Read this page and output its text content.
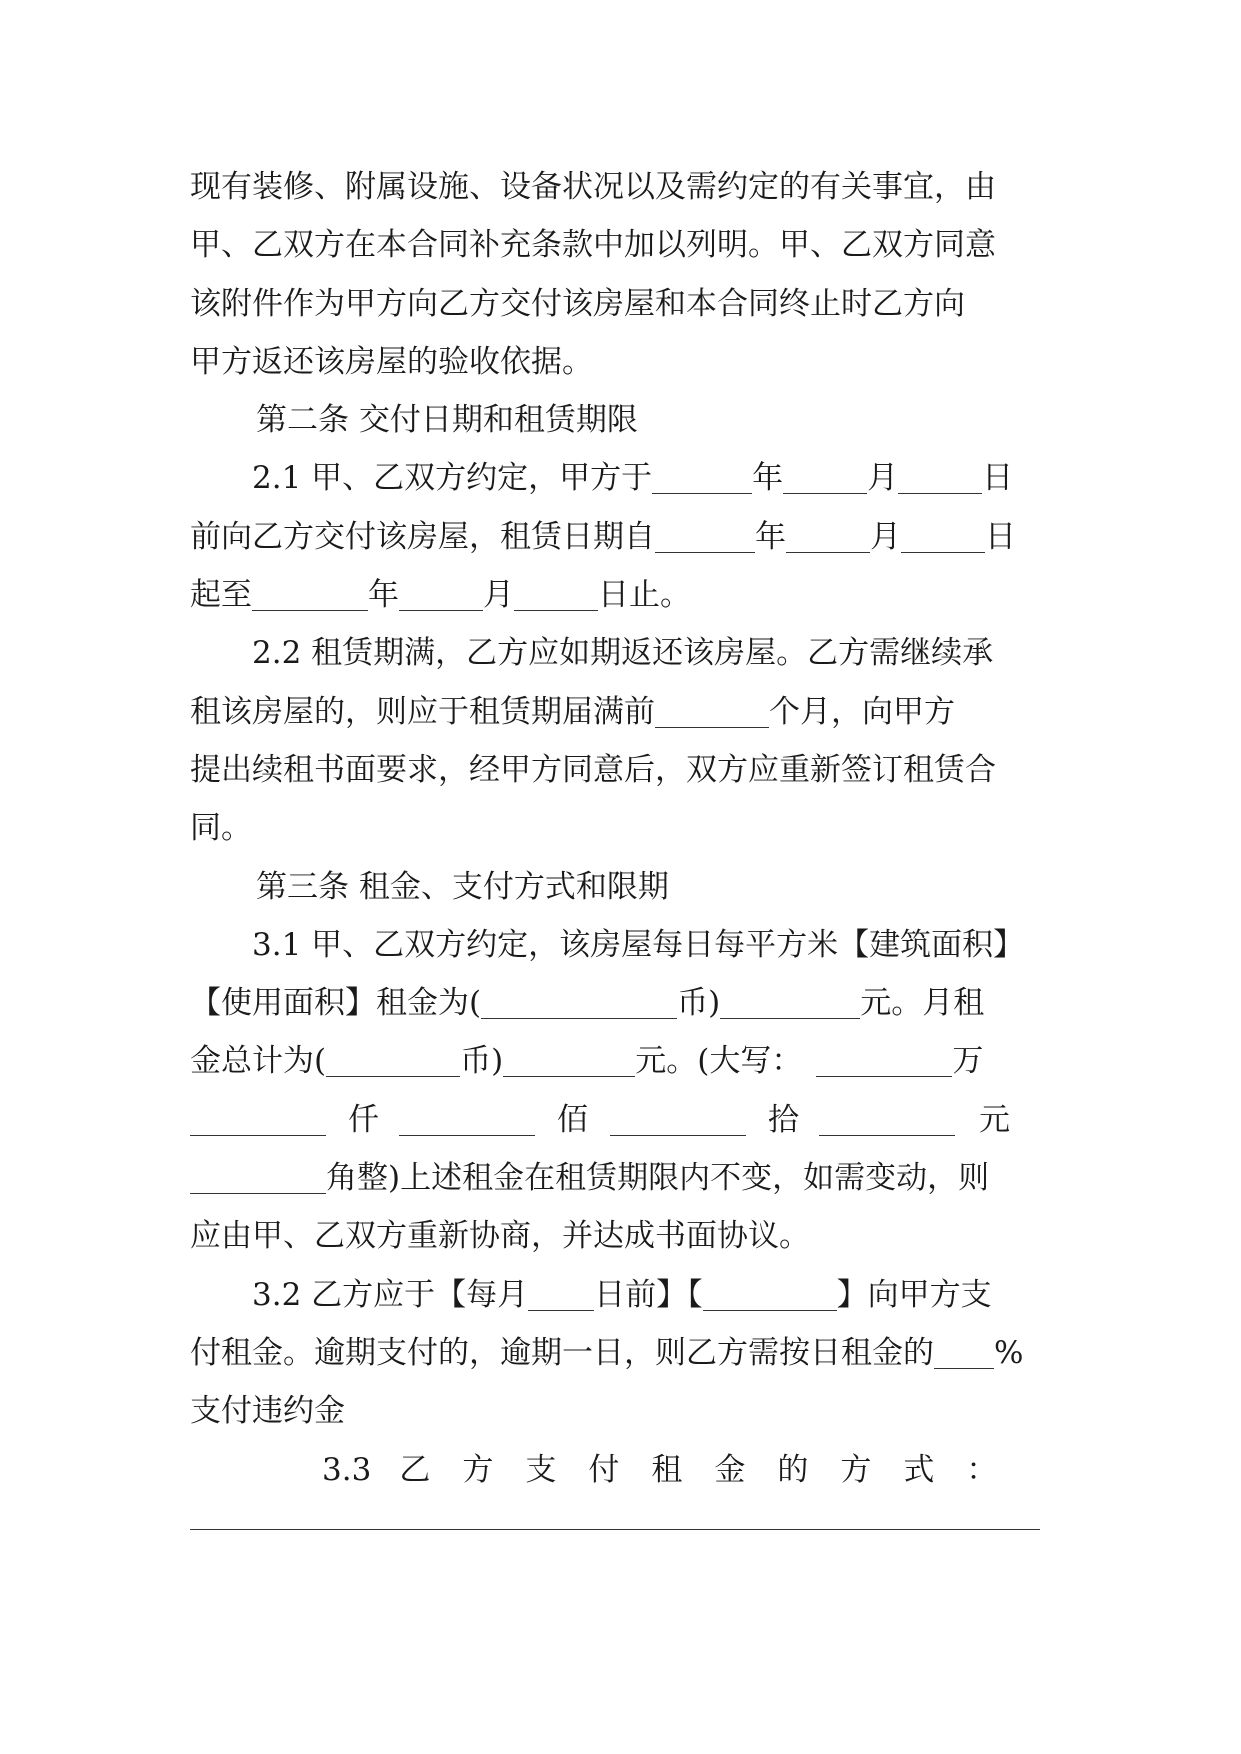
现有装修、附属设施、设备状况以及需约定的有关事宜，由
甲、乙双方在本合同补充条款中加以列明。甲、乙双方同意
该附件作为甲方向乙方交付该房屋和本合同终止时乙方向
甲方返还该房屋的验收依据。
第二条 交付日期和租赁期限
2.1 甲、乙双方约定，甲方于	年	月	日
前向乙方交付该房屋，租赁日期自	年	月	日
起至	年	月	日止。
2.2 租赁期满，乙方应如期返还该房屋。乙方需继续承
租该房屋的，则应于租赁期届满前	个月，向甲方
提出续租书面要求，经甲方同意后，双方应重新签订租赁合
同。
第三条 租金、支付方式和限期
3.1 甲、乙双方约定，该房屋每日每平方米【建筑面积】
【使用面积】租金为(	币)	元。月租
金总计为(	币)	元。(大写：	万
仟	佰	拾	元
角整)上述租金在租赁期限内不变，如需变动，则
应由甲、乙双方重新协商，并达成书面协议。
3.2 乙方应于【每月 日前】【	】向甲方支
付租金。逾期支付的，逾期一日，则乙方需按日租金的 %
支付违约金
3.3 乙 方 支 付 租 金 的 方 式 ：
